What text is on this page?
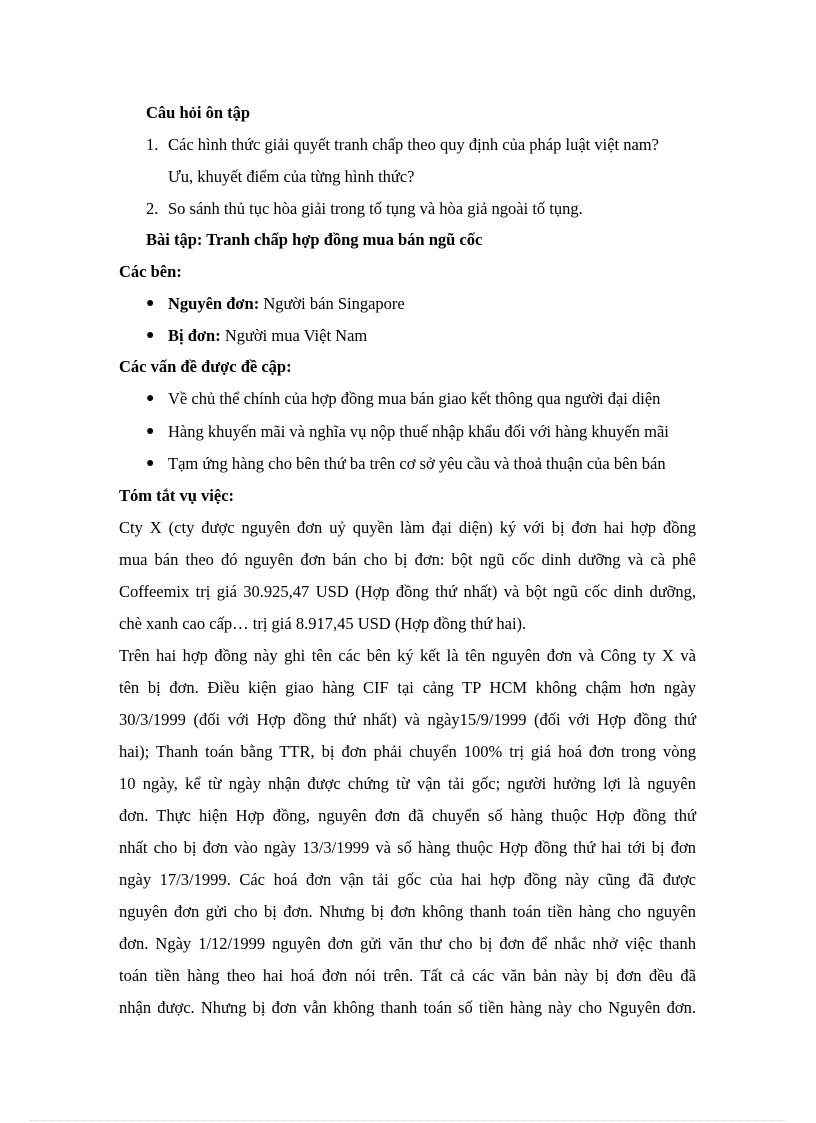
Câu hỏi ôn tập
1. Các hình thức giải quyết tranh chấp theo quy định của pháp luật việt nam?
Ưu, khuyết điểm của từng hình thức?
2. So sánh thủ tục hòa giải trong tố tụng và hòa giả ngoài tố tụng.
Bài tập: Tranh chấp hợp đồng mua bán ngũ cốc
Các bên:
● Nguyên đơn: Người bán Singapore
● Bị đơn: Người mua Việt Nam
Các vấn đề được đề cập:
● Về chủ thể chính của hợp đồng mua bán giao kết thông qua người đại diện
● Hàng khuyến mãi và nghĩa vụ nộp thuế nhập khẩu đối với hàng khuyến mãi
● Tạm ứng hàng cho bên thứ ba trên cơ sở yêu cầu và thoả thuận của bên bán
Tóm tắt vụ việc:
Cty X (cty được nguyên đơn uỷ quyền làm đại diện) ký với bị đơn hai hợp đồng
mua bán theo đó nguyên đơn bán cho bị đơn: bột ngũ cốc dinh dưỡng và cà phê
Coffeemix trị giá 30.925,47 USD (Hợp đồng thứ nhất) và bột ngũ cốc dinh dưỡng,
chè xanh cao cấp… trị giá 8.917,45 USD (Hợp đồng thứ hai).
Trên hai hợp đồng này ghi tên các bên ký kết là tên nguyên đơn và Công ty X và
tên bị đơn. Điều kiện giao hàng CIF tại cảng TP HCM không chậm hơn ngày
30/3/1999 (đối với Hợp đồng thứ nhất) và ngày15/9/1999 (đối với Hợp đồng thứ
hai); Thanh toán bằng TTR, bị đơn phải chuyển 100% trị giá hoá đơn trong vòng
10 ngày, kể từ ngày nhận được chứng từ vận tải gốc; người hưởng lợi là nguyên
đơn. Thực hiện Hợp đồng, nguyên đơn đã chuyển số hàng thuộc Hợp đồng thứ
nhất cho bị đơn vào ngày 13/3/1999 và số hàng thuộc Hợp đồng thứ hai tới bị đơn
ngày 17/3/1999. Các hoá đơn vận tải gốc của hai hợp đồng này cũng đã được
nguyên đơn gửi cho bị đơn. Nhưng bị đơn không thanh toán tiền hàng cho nguyên
đơn. Ngày 1/12/1999 nguyên đơn gửi văn thư cho bị đơn để nhắc nhở việc thanh
toán tiền hàng theo hai hoá đơn nói trên. Tất cả các văn bản này bị đơn đều đã
nhận được. Nhưng bị đơn vẫn không thanh toán số tiền hàng này cho Nguyên đơn.
